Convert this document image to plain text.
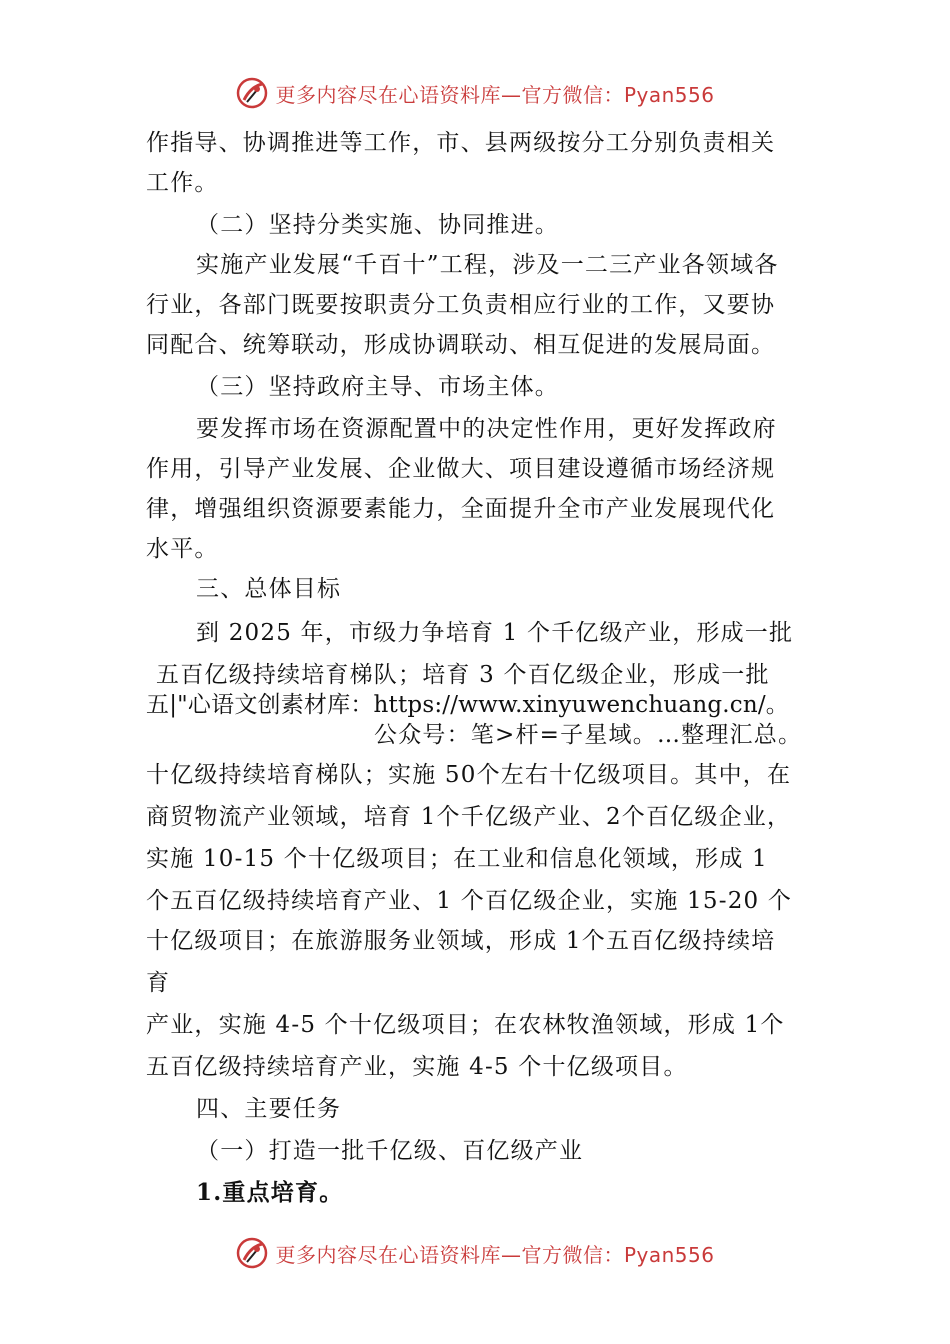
更多内容尽在心语资料库—官方微信：Pyan556
作指导、协调推进等工作，市、县两级按分工分别负责相关
工作。
（二）坚持分类实施、协同推进。
实施产业发展“千百十”工程，涉及一二三产业各领域各
行业，各部门既要按职责分工负责相应行业的工作，又要协
同配合、统筹联动，形成协调联动、相互促进的发展局面。
（三）坚持政府主导、市场主体。
要发挥市场在资源配置中的决定性作用，更好发挥政府
作用，引导产业发展、企业做大、项目建设遵循市场经济规
律，增强组织资源要素能力，全面提升全市产业发展现代化
水平。
三、总体目标
到 2025 年，市级力争培育 1 个千亿级产业，形成一批
五百亿级持续培育梯队；培育 3 个百亿级企业，形成一批
五|"心语文创素材库：https://www.xinyuwenchuang.cn/。
公众号：笔>杆=子星域。…整理汇总。
十亿级持续培育梯队；实施 50个左右十亿级项目。其中，在
商贸物流产业领域，培育 1个千亿级产业、2个百亿级企业，
实施 10-15 个十亿级项目；在工业和信息化领域，形成 1
个五百亿级持续培育产业、1 个百亿级企业，实施 15-20 个
十亿级项目；在旅游服务业领域，形成 1个五百亿级持续培
育
产业，实施 4-5 个十亿级项目；在农林牧渔领域，形成 1个
五百亿级持续培育产业，实施 4-5 个十亿级项目。
四、主要任务
（一）打造一批千亿级、百亿级产业
1.重点培育。
更多内容尽在心语资料库—官方微信：Pyan556
